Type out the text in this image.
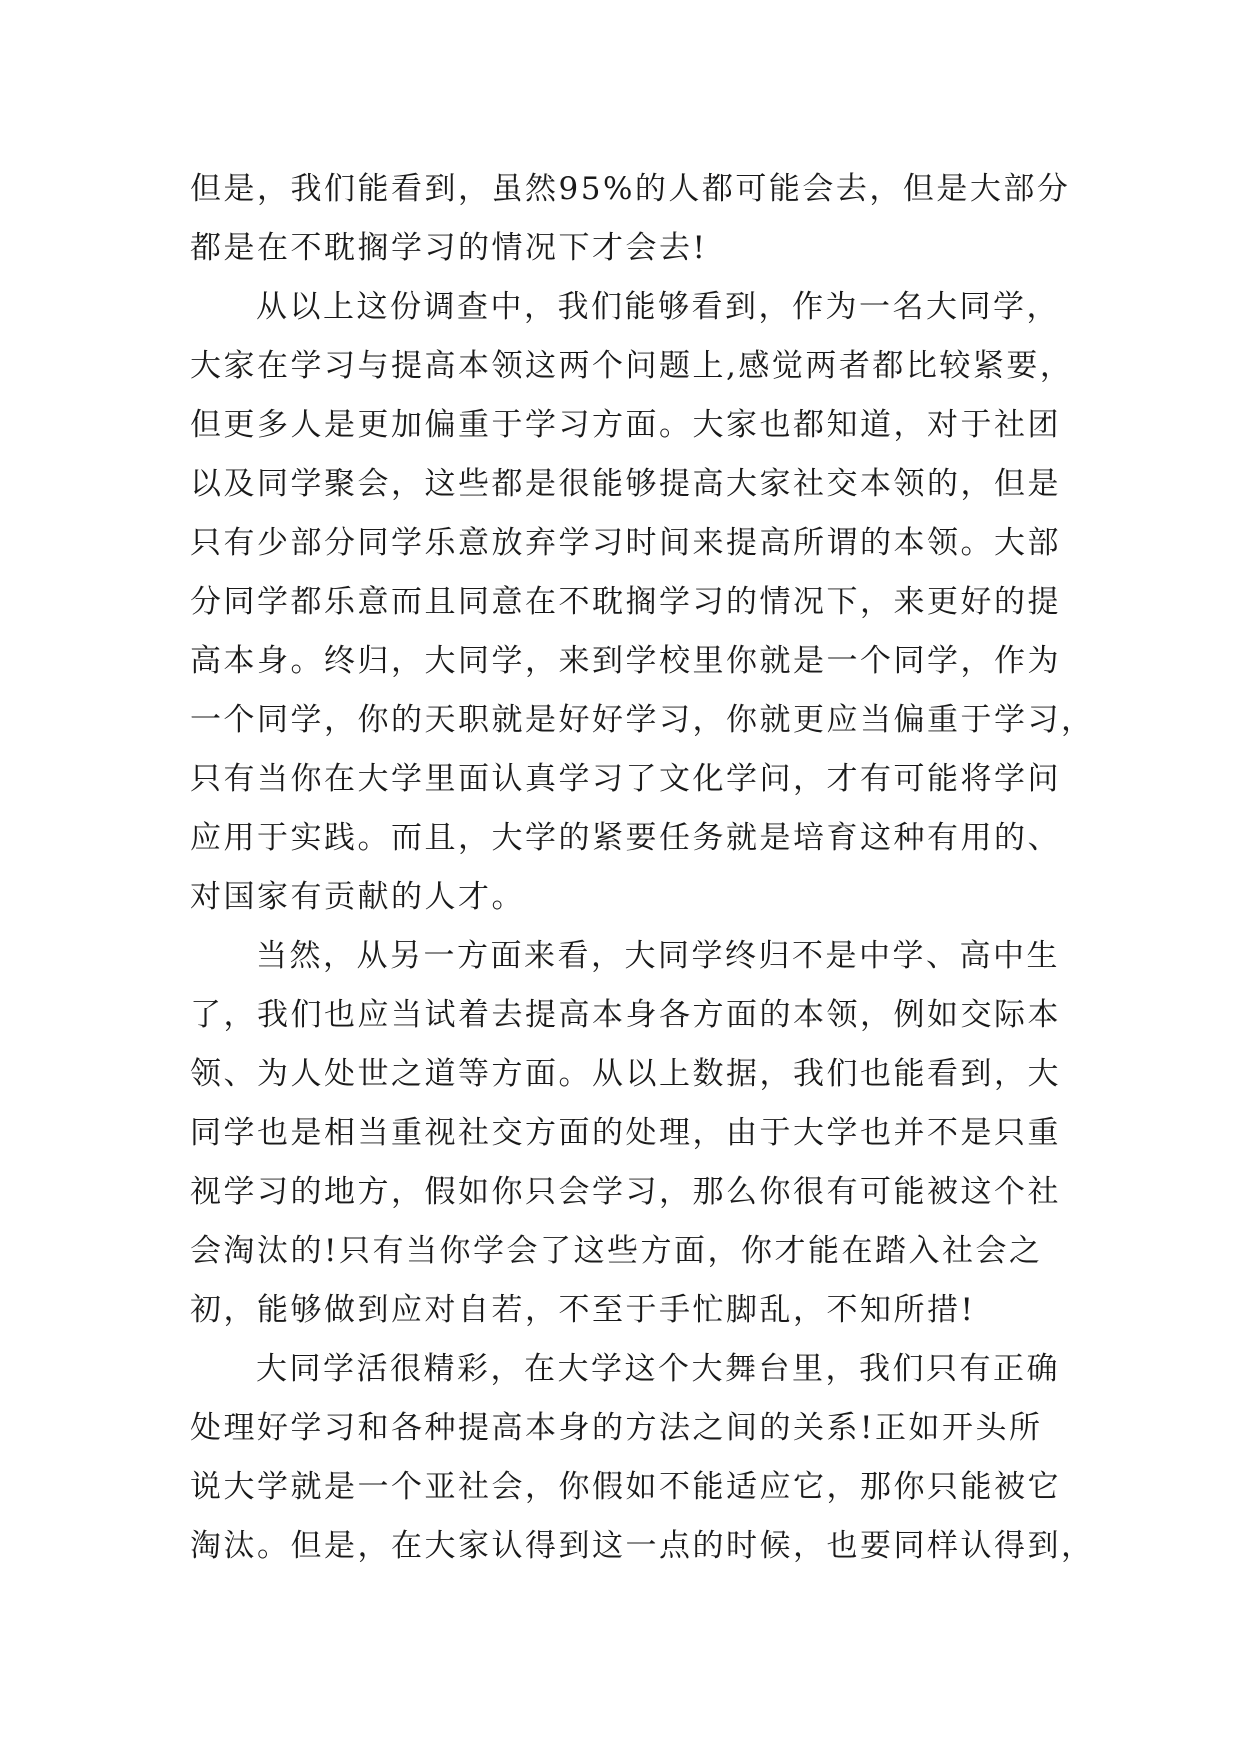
但是，我们能看到，虽然95%的人都可能会去，但是大部分
都是在不耽搁学习的情况下才会去!
从以上这份调查中，我们能够看到，作为一名大同学，
大家在学习与提高本领这两个问题上,感觉两者都比较紧要，
但更多人是更加偏重于学习方面。大家也都知道，对于社团
以及同学聚会，这些都是很能够提高大家社交本领的，但是
只有少部分同学乐意放弃学习时间来提高所谓的本领。大部
分同学都乐意而且同意在不耽搁学习的情况下，来更好的提
高本身。终归，大同学，来到学校里你就是一个同学，作为
一个同学，你的天职就是好好学习，你就更应当偏重于学习，
只有当你在大学里面认真学习了文化学问，才有可能将学问
应用于实践。而且，大学的紧要任务就是培育这种有用的、
对国家有贡献的人才。
当然，从另一方面来看，大同学终归不是中学、高中生
了，我们也应当试着去提高本身各方面的本领，例如交际本
领、为人处世之道等方面。从以上数据，我们也能看到，大
同学也是相当重视社交方面的处理，由于大学也并不是只重
视学习的地方，假如你只会学习，那么你很有可能被这个社
会淘汰的!只有当你学会了这些方面，你才能在踏入社会之
初，能够做到应对自若，不至于手忙脚乱，不知所措!
大同学活很精彩，在大学这个大舞台里，我们只有正确
处理好学习和各种提高本身的方法之间的关系!正如开头所
说大学就是一个亚社会，你假如不能适应它，那你只能被它
淘汰。但是，在大家认得到这一点的时候，也要同样认得到，
